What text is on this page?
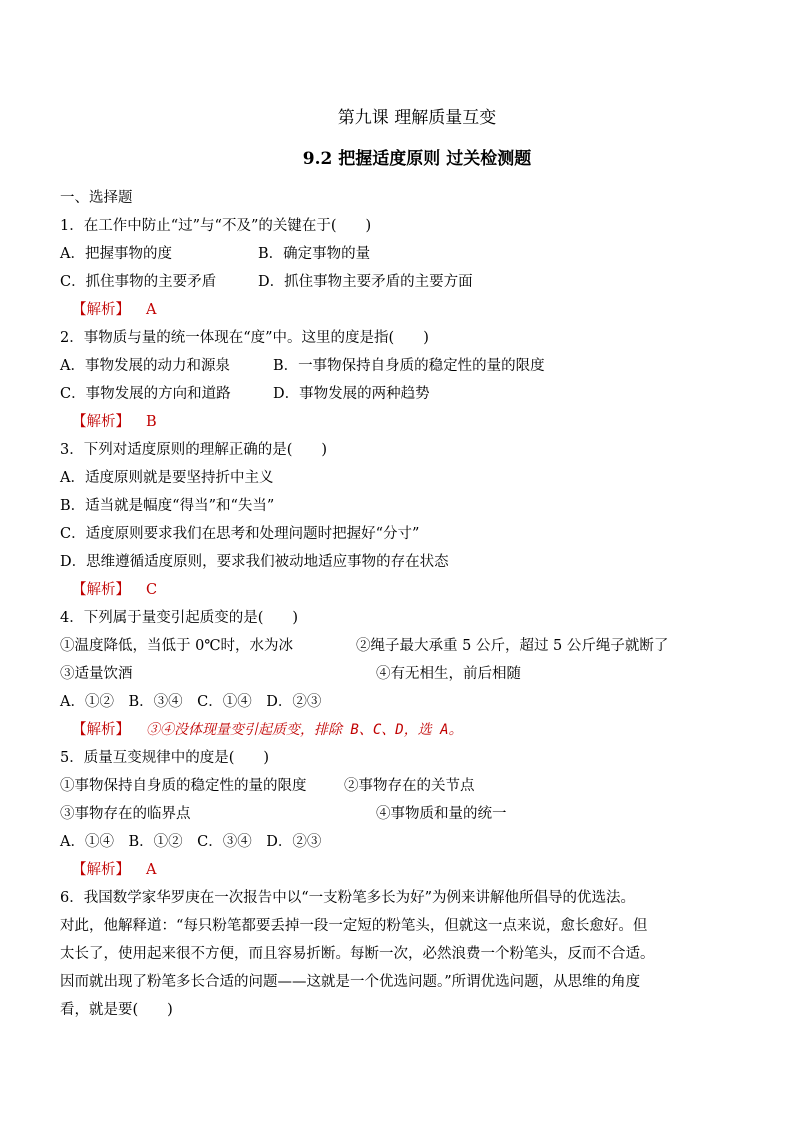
第九课 理解质量互变
9.2 把握适度原则 过关检测题
一、选择题
1．在工作中防止“过”与“不及”的关键在于(　　)
A．把握事物的度	B．确定事物的量
C．抓住事物的主要矛盾	D．抓住事物主要矛盾的主要方面
【解析】 A
2．事物质与量的统一体现在“度”中。这里的度是指(　　)
A．事物发展的动力和源泉	B．一事物保持自身质的稳定性的量的限度
C．事物发展的方向和道路	D．事物发展的两种趋势
【解析】 B
3．下列对适度原则的理解正确的是(　　)
A．适度原则就是要坚持折中主义
B．适当就是幅度“得当”和“失当”
C．适度原则要求我们在思考和处理问题时把握好“分寸”
D．思维遵循适度原则，要求我们被动地适应事物的存在状态
【解析】 C
4．下列属于量变引起质变的是(　　)
①温度降低，当低于 0℃时，水为冰	②绳子最大承重 5 公斤，超过 5 公斤绳子就断了
③适量饮酒	④有无相生，前后相随
A．①②　B．③④　C．①④　D．②③
【解析】 ③④没体现量变引起质变，排除 B、C、D，选 A。
5．质量互变规律中的度是(　　)
①事物保持自身质的稳定性的量的限度	②事物存在的关节点
③事物存在的临界点	④事物质和量的统一
A．①④　B．①②　C．③④　D．②③
【解析】 A
6．我国数学家华罗庚在一次报告中以“一支粉笔多长为好”为例来讲解他所倡导的优选法。
对此，他解释道：“每只粉笔都要丢掉一段一定短的粉笔头，但就这一点来说，愈长愈好。但
太长了，使用起来很不方便，而且容易折断。每断一次，必然浪费一个粉笔头，反而不合适。
因而就出现了粉笔多长合适的问题——这就是一个优选问题。”所谓优选问题，从思维的角度
看，就是要(　　)
